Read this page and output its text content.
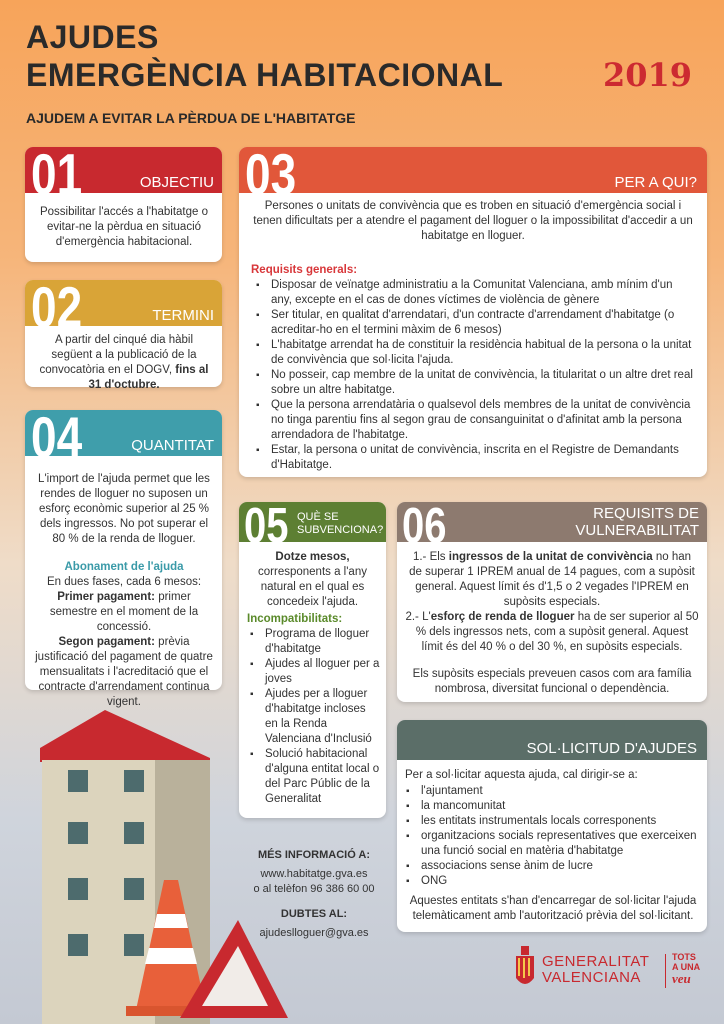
AJUDES
EMERGÈNCIA HABITACIONAL	2019
AJUDEM A EVITAR LA PÈRDUA DE L'HABITATGE
01	OBJECTIU
Possibilitar l'accés a l'habitatge o evitar-ne la pèrdua en situació d'emergència habitacional.
02	TERMINI
A partir del cinqué dia hàbil següent a la publicació de la convocatòria en el DOGV, fins al 31 d'octubre.
04	QUANTITAT
L'import de l'ajuda permet que les rendes de lloguer no suposen un esforç econòmic superior al 25 % dels ingressos. No pot superar el 80 % de la renda de lloguer.
Abonament de l'ajuda
En dues fases, cada 6 mesos:
Primer pagament: primer semestre en el moment de la concessió.
Segon pagament: prèvia justificació del pagament de quatre mensualitats i l'acreditació que el contracte d'arrendament continua vigent.
03	PER A QUI?
Persones o unitats de convivència que es troben en situació d'emergència social i tenen dificultats per a atendre el pagament del lloguer o la impossibilitat d'accedir a un habitatge en lloguer.
Requisits generals:
▪ Disposar de veïnatge administratiu a la Comunitat Valenciana, amb mínim d'un any, excepte en el cas de dones víctimes de violència de gènere
▪ Ser titular, en qualitat d'arrendatari, d'un contracte d'arrendament d'habitatge (o acreditar-ho en el termini màxim de 6 mesos)
▪ L'habitatge arrendat ha de constituir la residència habitual de la persona o la unitat de convivència que sol·licita l'ajuda.
▪ No posseir, cap membre de la unitat de convivència, la titularitat o un altre dret real sobre un altre habitatge.
▪ Que la persona arrendatària o qualsevol dels membres de la unitat de convivència no tinga parentiu fins al segon grau de consanguinitat o d'afinitat amb la persona arrendadora de l'habitatge.
▪ Estar, la persona o unitat de convivència, inscrita en el Registre de Demandants d'Habitatge.
05 QUÈ SE
SUBVENCIONA?
Dotze mesos, corresponents a l'any natural en el qual es concedeix l'ajuda.
Incompatibilitats:
▪ Programa de lloguer d'habitatge
▪ Ajudes al lloguer per a joves
▪ Ajudes per a lloguer d'habitatge incloses en la Renda Valenciana d'Inclusió
▪ Solució habitacional d'alguna entitat local o del Parc Públic de la Generalitat
06	REQUISITS DE
VULNERABILITAT
1.- Els ingressos de la unitat de convivència no han de superar 1 IPREM anual de 14 pagues, com a supòsit general. Aquest límit és d'1,5 o 2 vegades l'IPREM en supòsits especials.
2.- L'esforç de renda de lloguer ha de ser superior al 50 % dels ingressos nets, com a supòsit general. Aquest límit és del 40 % o del 30 %, en supòsits especials.
Els supòsits especials preveuen casos com ara família nombrosa, diversitat funcional o dependència.
SOL·LICITUD D'AJUDES
Per a sol·licitar aquesta ajuda, cal dirigir-se a:
▪ l'ajuntament
▪ la mancomunitat
▪ les entitats instrumentals locals corresponents
▪ organitzacions socials representatives que exerceixen una funció social en matèria d'habitatge
▪ associacions sense ànim de lucre
▪ ONG
Aquestes entitats s'han d'encarregar de sol·licitar l'ajuda telemàticament amb l'autorització prèvia del sol·licitant.
MÉS INFORMACIÓ A:
www.habitatge.gva.es
o al telèfon 96 386 60 00
DUBTES AL:
ajudeslloguer@gva.es
GENERALITAT
VALENCIANA
TOTS
A UNA
veu
